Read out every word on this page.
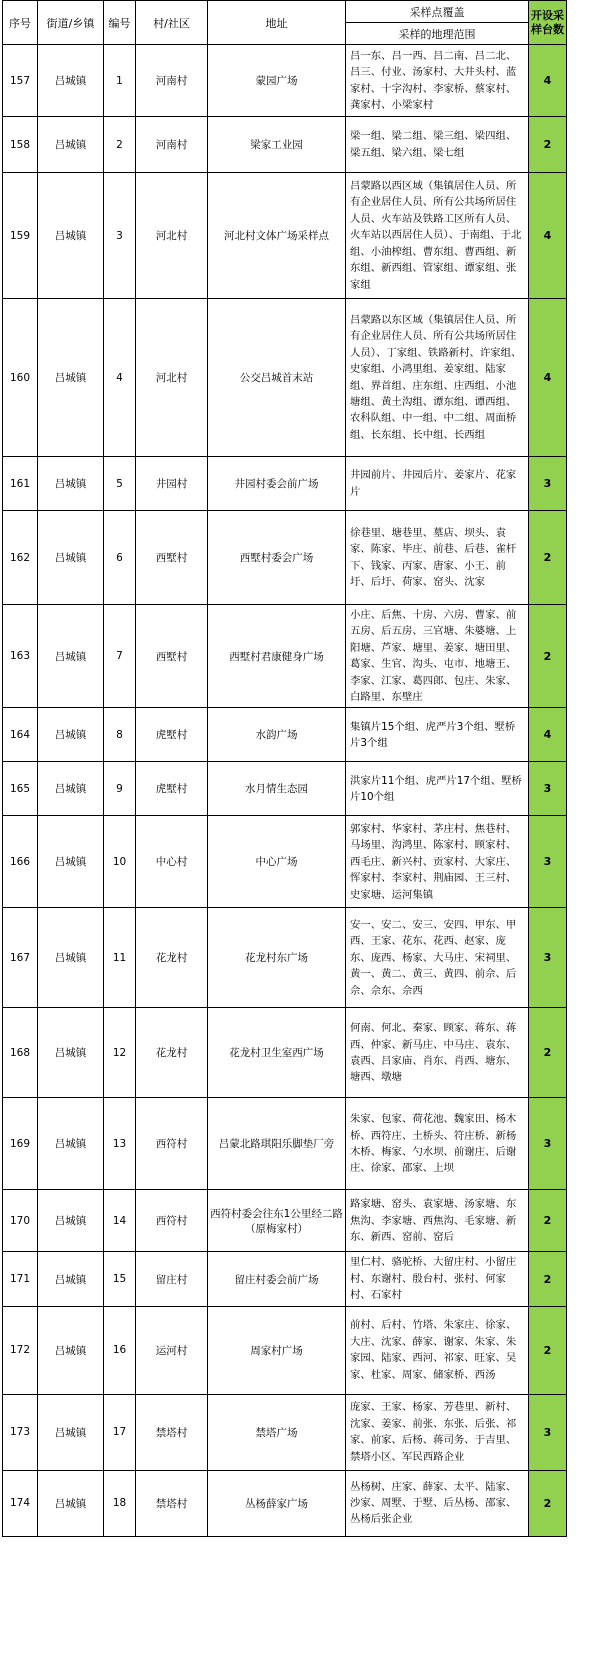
序号	街道/乡镇	编号	村/社区	地址	采样点覆盖	开设采样台数
					采样的地理范围	
157	吕城镇	1	河南村	蒙园广场	吕一东、吕一西、吕二南、吕二北、吕三、付业、汤家村、大井头村、蓝家村、十字沟村、李家桥、蔡家村、龚家村、小梁家村	4
158	吕城镇	2	河南村	梁家工业园	梁一组、梁二组、梁三组、梁四组、梁五组、梁六组、梁七组	2
159	吕城镇	3	河北村	河北村文体广场采样点	吕蒙路以西区域（集镇居住人员、所有企业居住人员、所有公共场所居住人员、火车站及铁路工区所有人员、火车站以西居住人员）、于南组、于北组、小油榨组、曹东组、曹西组、新东组、新西组、管家组、谭家组、张家组	4
160	吕城镇	4	河北村	公交吕城首末站	吕蒙路以东区域（集镇居住人员、所有企业居住人员、所有公共场所居住人员）、丁家组、铁路新村、许家组、史家组、小鸿里组、姜家组、陆家组、界首组、庄东组、庄西组、小池塘组、黄土沟组、谭东组、谭西组、农科队组、中一组、中二组、周面桥组、长东组、长中组、长西组	4
161	吕城镇	5	井园村	井园村委会前广场	井园前片、井园后片、姜家片、花家片	3
162	吕城镇	6	西墅村	西墅村委会广场	徐巷里、塘巷里、墓店、坝头、袁家、陈家、毕庄、前巷、后巷、雀杆下、钱家、丙家、唐家、小王、前圩、后圩、荷家、窑头、沈家	2
163	吕城镇	7	西墅村	西墅村君康健身广场	小庄、后焦、十房、六房、曹家、前五房、后五房、三官塘、朱婆塘、上阳塘、芦家、塘里、姜家、塘田里、葛家、生官、沟头、屯市、地塘王、李家、江家、葛四郎、包庄、朱家、白路里、东壁庄	2
164	吕城镇	8	虎墅村	水韵广场	集镇片15个组、虎严片3个组、墅桥片3个组	4
165	吕城镇	9	虎墅村	水月情生态园	洪家片11个组、虎严片17个组、墅桥片10个组	3
166	吕城镇	10	中心村	中心广场	郭家村、华家村、茅庄村、焦巷村、马场里、沟鸿里、陈家村、顾家村、西毛庄、新兴村、贡家村、大家庄、恽家村、李家村、荆庙园、王三村、史家塘、运河集镇	3
167	吕城镇	11	花龙村	花龙村东广场	安一、安二、安三、安四、甲东、甲西、王家、花东、花西、赵家、庞东、庞西、杨家、大马庄、宋祠里、黄一、黄二、黄三、黄四、前佘、后佘、佘东、佘西	3
168	吕城镇	12	花龙村	花龙村卫生室西广场	何南、何北、秦家、顾家、蒋东、蒋西、仲家、新马庄、中马庄、袁东、袁西、吕家庙、肖东、肖西、塘东、塘西、墩塘	2
169	吕城镇	13	西符村	吕蒙北路琪阳乐脚垫厂旁	朱家、包家、荷花池、魏家田、杨木桥、西符庄、土桥头、符庄桥、新杨木桥、梅家、勺水坝、前谢庄、后谢庄、徐家、邵家、上坝	3
170	吕城镇	14	西符村	西符村委会往东1公里经二路（原梅家村）	路家塘、窑头、袁家塘、汤家塘、东焦沟、李家塘、西焦沟、毛家塘、新东、新西、窑前、窑后	2
171	吕城镇	15	留庄村	留庄村委会前广场	里仁村、骆驼桥、大留庄村、小留庄村、东谢村、殷台村、张村、何家村、石家村	2
172	吕城镇	16	运河村	周家村广场	前村、后村、竹塔、朱家庄、徐家、大庄、沈家、薛家、谢家、朱家、朱家园、陆家、西河、祁家、旺家、吴家、杜家、周家、储家桥、西汤	2
173	吕城镇	17	禁塔村	禁塔广场	庞家、王家、杨家、芳巷里、新村、沈家、姜家、前张、东张、后张、祁家、前家、后杨、蒋司务、于吉里、禁塔小区、军民西路企业	3
174	吕城镇	18	禁塔村	丛杨薛家广场	丛杨树、庄家、薛家、太平、陆家、沙家、周墅、于墅、后丛杨、邵家、丛杨后张企业	2
